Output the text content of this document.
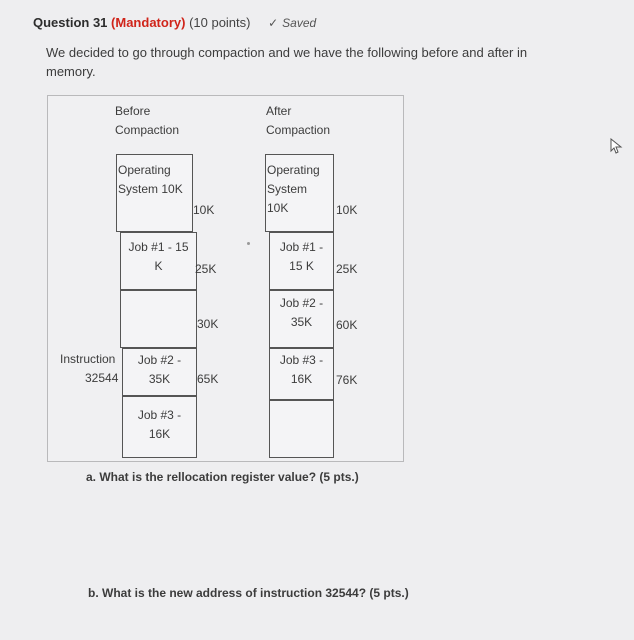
Question 31 (Mandatory) (10 points) ✓ Saved
We decided to go through compaction and we have the following before and after in memory.
Before
Compaction
After
Compaction
Operating
System 10K
10K
Job #1 - 15
K	25K
30K
Job #2 -
35K	65K
Job #3 -
16K
Instruction
32544
Operating
System
10K	10K
Job #1 -
15 K	25K
Job #2 -
35K	60K
Job #3 -
16K	76K
a. What is the rellocation register value? (5 pts.)
b. What is the new address of instruction 32544? (5 pts.)
